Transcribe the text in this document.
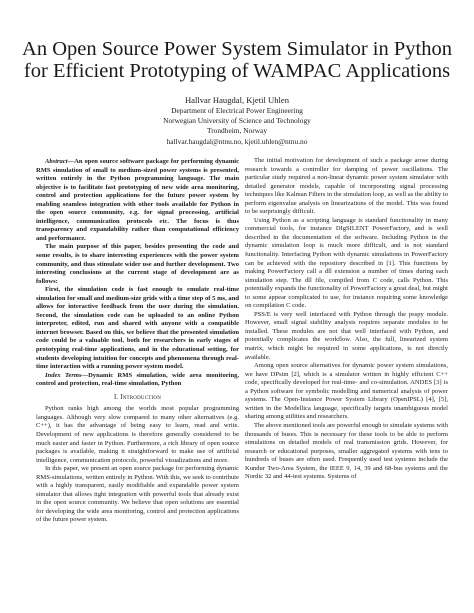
An Open Source Power System Simulator in Python
for Efficient Prototyping of WAMPAC Applications
Hallvar Haugdal, Kjetil Uhlen
Department of Electrical Power Engineering
Norwegian University of Science and Technology
Trondheim, Norway
hallvar.haugdal@ntnu.no, kjetil.uhlen@ntnu.no

Abstract—An open source software package for performing dynamic RMS simulation of small to medium-sized power systems is presented, written entirely in the Python programming language. The main objective is to facilitate fast prototyping of new wide area monitoring, control and protection applications for the future power system by enabling seamless integration with other tools available for Python in the open source community, e.g. for signal processing, artificial intelligence, communication protocols etc. The focus is thus transparency and expandability rather than computational efficiency and performance.

The main purpose of this paper, besides presenting the code and some results, is to share interesting experiences with the power system community, and thus stimulate wider use and further development. Two interesting conclusions at the current stage of development are as follows:

First, the simulation code is fast enough to emulate real-time simulation for small and medium-size grids with a time step of 5 ms, and allows for interactive feedback from the user during the simulation. Second, the simulation code can be uploaded to an online Python interpreter, edited, run and shared with anyone with a compatible internet browser. Based on this, we believe that the presented simulation code could be a valuable tool, both for researchers in early stages of prototyping real-time applications, and in the educational setting, for students developing intuition for concepts and phenomena through real-time interaction with a running power system model.

Index Terms—Dynamic RMS simulation, wide area monitoring, control and protection, real-time simulation, Python

I. Introduction

Python ranks high among the worlds most popular programming languages. Although very slow compared to many other alternatives (e.g. C++), it has the advantage of being easy to learn, read and write. Development of new applications is therefore generally considered to be much easier and faster in Python. Furthermore, a rich library of open source packages is available, making it straightforward to make use of artificial intelligence, communication protocols, powerful visualizations and more.

In this paper, we present an open source package for performing dynamic RMS-simulations, written entirely in Python. With this, we seek to contribute with a highly transparent, easily modifiable and expandable power system simulator that allows tight integration with powerful tools that already exist in the open source community. We believe that open solutions are essential for developing the wide area monitoring, control and protection applications of the future power system.

The initial motivation for development of such a package arose during research towards a controller for damping of power oscillations. The particular study required a non-linear dynamic power system simulator with detailed generator models, capable of incorporating signal processing techniques like Kalman Filters in the simulation loop, as well as the ability to perform eigenvalue analysis on linearizations of the model. This was found to be surprisingly difficult.

Using Python as a scripting language is standard functionality in many commercial tools, for instance DIgSILENT PowerFactory, and is well described in the documentation of the software. Including Python in the dynamic simulation loop is much more difficult, and is not standard functionality. Interfacing Python with dynamic simulations in PowerFactory can be achieved with the repository described in [1]. This functions by making PowerFactory call a dll extension a number of times during each simulation step. The dll file, compiled from C code, calls Python. This potentially expands the functionality of PowerFactory a great deal, but might to some appear complicated to use, for instance requiring some knowledge on compilation C code.

PSS/E is very well interfaced with Python through the psspy module. However, small signal stability analysis requires separate modules to be installed. These modules are not that well interfaced with Python, and potentially complicates the workflow. Also, the full, linearized system matrix, which might be required in some applications, is not directly available.

Among open source alternatives for dynamic power system simulations, we have DPsim [2], which is a simulator written in highly efficient C++ code, specifically developed for real-time- and co-simulation. ANDES [3] is a Python software for symbolic modelling and numerical analysis of power systems. The Open-Instance Power System Library (OpenIPSL) [4], [5], written in the Modellica language, specifically targets unambiguous model sharing among utilities and researchers.

The above mentioned tools are powerful enough to simulate systems with thousands of buses. This is necessary for these tools to be able to perform simulations on detailed models of real transmission grids. However, for research or educational purposes, smaller aggregated systems with tens to hundreds of buses are often used. Frequently used test systems include the Kundur Two-Area System, the IEEE 9, 14, 39 and 68-bus systems and the Nordic 32 and 44-test systems. Systems of
